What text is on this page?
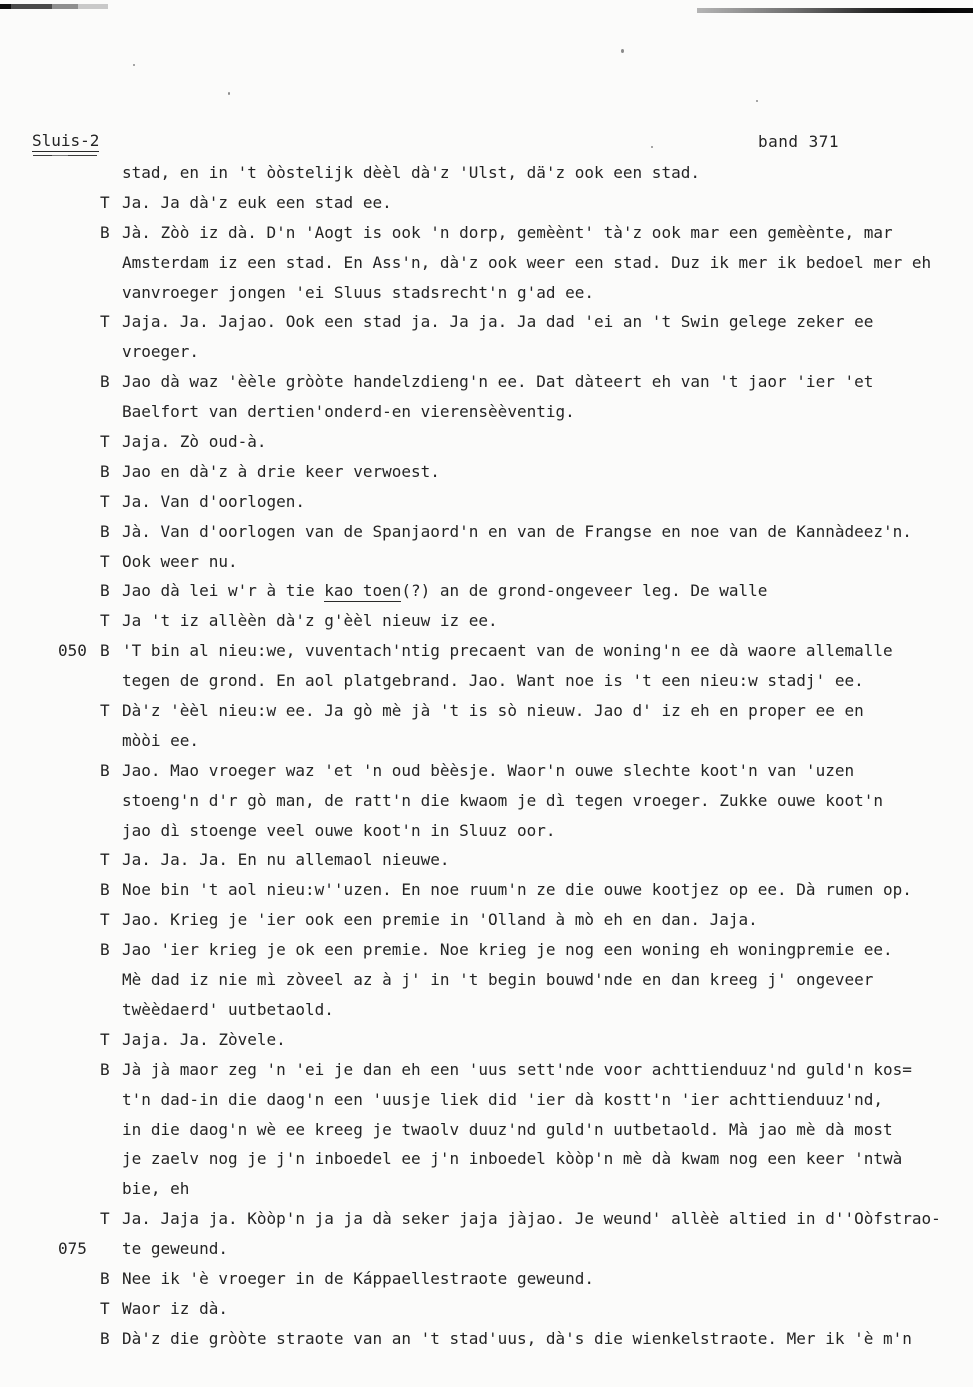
Sluis-2	band 371
stad, en in 't òòstelijk dèèl dà'z 'Ulst, dä'z ook een stad.
T Ja. Ja dà'z euk een stad ee.
B Jà. Zòò iz dà. D'n 'Aogt is ook 'n dorp, gemèènt' tà'z ook mar een gemèènte, mar
Amsterdam iz een stad. En Ass'n, dà'z ook weer een stad. Duz ik mer ik bedoel mer eh
vanvroeger jongen 'ei Sluus stadsrecht'n g'ad ee.
T Jaja. Ja. Jajao. Ook een stad ja. Ja ja. Ja dad 'ei an 't Swin gelege zeker ee
vroeger.
B Jao dà waz 'èèle gròòte handelzdieng'n ee. Dat dàteert eh van 't jaor 'ier 'et
Baelfort van dertien'onderd-en vierensèèventig.
T Jaja. Zò oud-à.
B Jao en dà'z à drie keer verwoest.
T Ja. Van d'oorlogen.
B Jà. Van d'oorlogen van de Spanjaord'n en van de Frangse en noe van de Kannàdeez'n.
T Ook weer nu.
B Jao dà lei w'r à tie kao toen(?) an de grond-ongeveer leg. De walle
T Ja 't iz allèèn dà'z g'èèl nieuw iz ee.
050 B 'T bin al nieu:we, vuventach'ntig precaent van de woning'n ee dà waore allemalle
tegen de grond. En aol platgebrand. Jao. Want noe is 't een nieu:w stadj' ee.
T Dà'z 'èèl nieu:w ee. Ja gò mè jà 't is sò nieuw. Jao d' iz eh en proper ee en
mòòi ee.
B Jao. Mao vroeger waz 'et 'n oud bèèsje. Waor'n ouwe slechte koot'n van 'uzen
stoeng'n d'r gò man, de ratt'n die kwaom je dì tegen vroeger. Zukke ouwe koot'n
jao dì stoenge veel ouwe koot'n in Sluuz oor.
T Ja. Ja. Ja. En nu allemaol nieuwe.
B Noe bin 't aol nieu:w''uzen. En noe ruum'n ze die ouwe kootjez op ee. Dà rumen op.
T Jao. Krieg je 'ier ook een premie in 'Olland à mò eh en dan. Jaja.
B Jao 'ier krieg je ok een premie. Noe krieg je nog een woning eh woningpremie ee.
Mè dad iz nie mì zòveel az à j' in 't begin bouwd'nde en dan kreeg j' ongeveer
twèèdaerd' uutbetaold.
T Jaja. Ja. Zòvele.
B Jà jà maor zeg 'n 'ei je dan eh een 'uus sett'nde voor achttienduuz'nd guld'n kos=
t'n dad-in die daog'n een 'uusje liek did 'ier dà kostt'n 'ier achttienduuz'nd,
in die daog'n wè ee kreeg je twaolv duuz'nd guld'n uutbetaold. Mà jao mè dà most
je zaelv nog je j'n inboedel ee j'n inboedel kòòp'n mè dà kwam nog een keer 'ntwà
bie, eh
T Ja. Jaja ja. Kòòp'n ja ja dà seker jaja jàjao. Je weund' allèè altied in d''Oòfstrao-
075	te geweund.
B Nee ik 'è vroeger in de Káppaellestraote geweund.
T Waor iz dà.
B Dà'z die gròòte straote van an 't stad'uus, dà's die wienkelstraote. Mer ik 'è m'n
